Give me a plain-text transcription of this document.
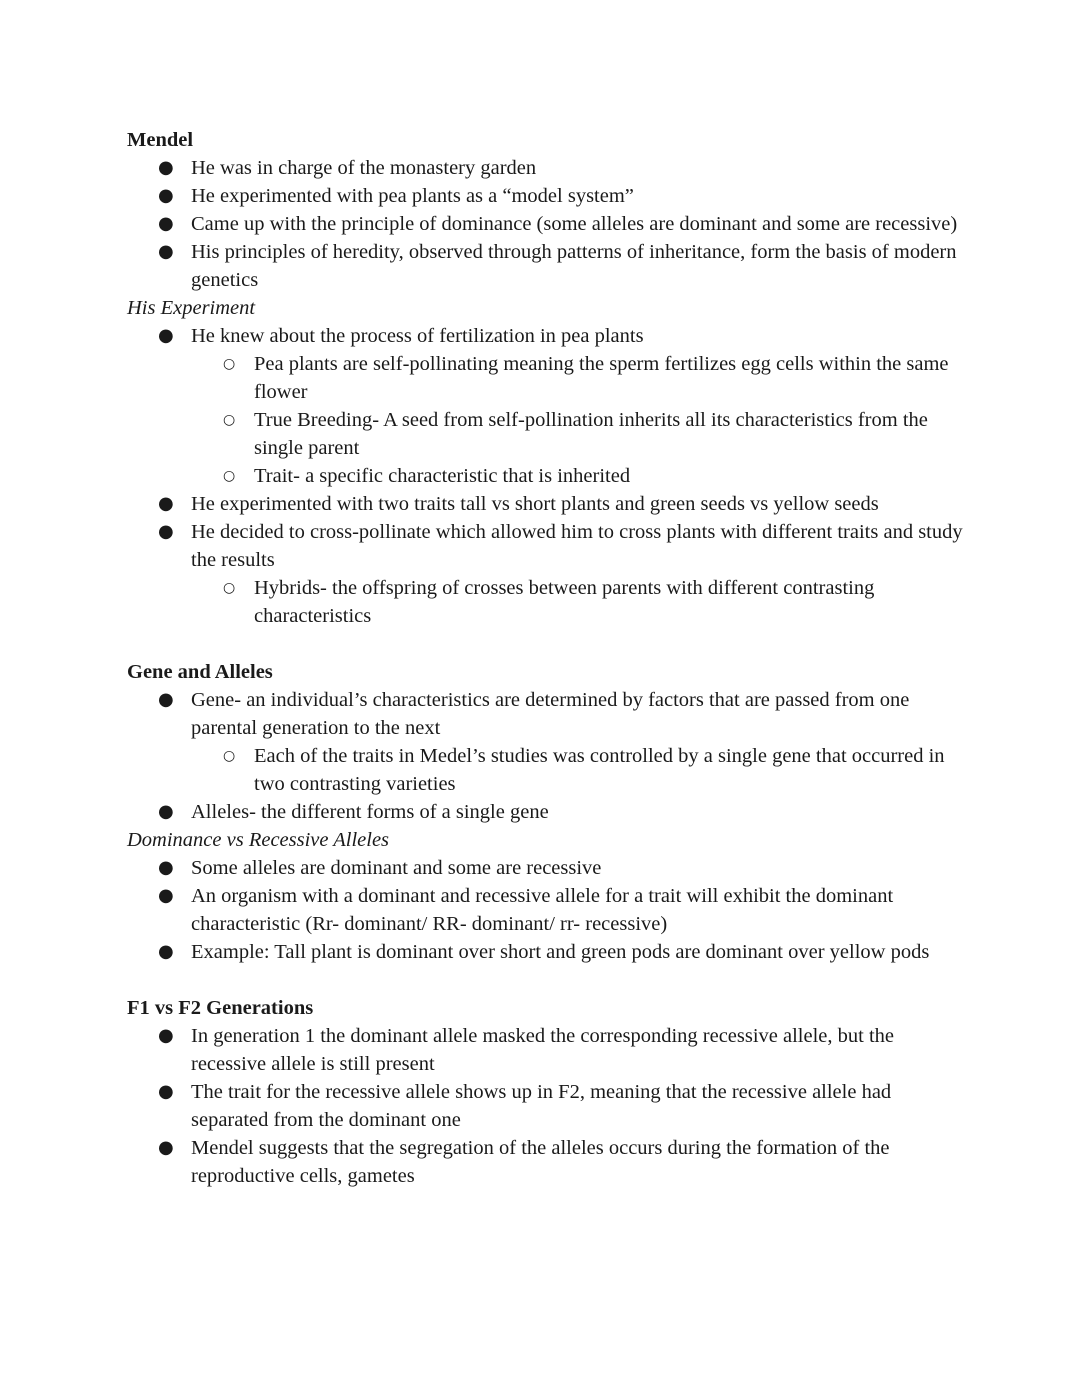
Mendel
● He was in charge of the monastery garden
● He experimented with pea plants as a “model system”
● Came up with the principle of dominance (some alleles are dominant and some are recessive)
● His principles of heredity, observed through patterns of inheritance, form the basis of modern genetics
His Experiment
● He knew about the process of fertilization in pea plants
○ Pea plants are self-pollinating meaning the sperm fertilizes egg cells within the same flower
○ True Breeding- A seed from self-pollination inherits all its characteristics from the single parent
○ Trait- a specific characteristic that is inherited
● He experimented with two traits tall vs short plants and green seeds vs yellow seeds
● He decided to cross-pollinate which allowed him to cross plants with different traits and study the results
○ Hybrids- the offspring of crosses between parents with different contrasting characteristics
Gene and Alleles
● Gene- an individual’s characteristics are determined by factors that are passed from one parental generation to the next
○ Each of the traits in Medel’s studies was controlled by a single gene that occurred in two contrasting varieties
● Alleles- the different forms of a single gene
Dominance vs Recessive Alleles
● Some alleles are dominant and some are recessive
● An organism with a dominant and recessive allele for a trait will exhibit the dominant characteristic (Rr- dominant/ RR- dominant/ rr- recessive)
● Example: Tall plant is dominant over short and green pods are dominant over yellow pods
F1 vs F2 Generations
● In generation 1 the dominant allele masked the corresponding recessive allele, but the recessive allele is still present
● The trait for the recessive allele shows up in F2, meaning that the recessive allele had separated from the dominant one
● Mendel suggests that the segregation of the alleles occurs during the formation of the reproductive cells, gametes
